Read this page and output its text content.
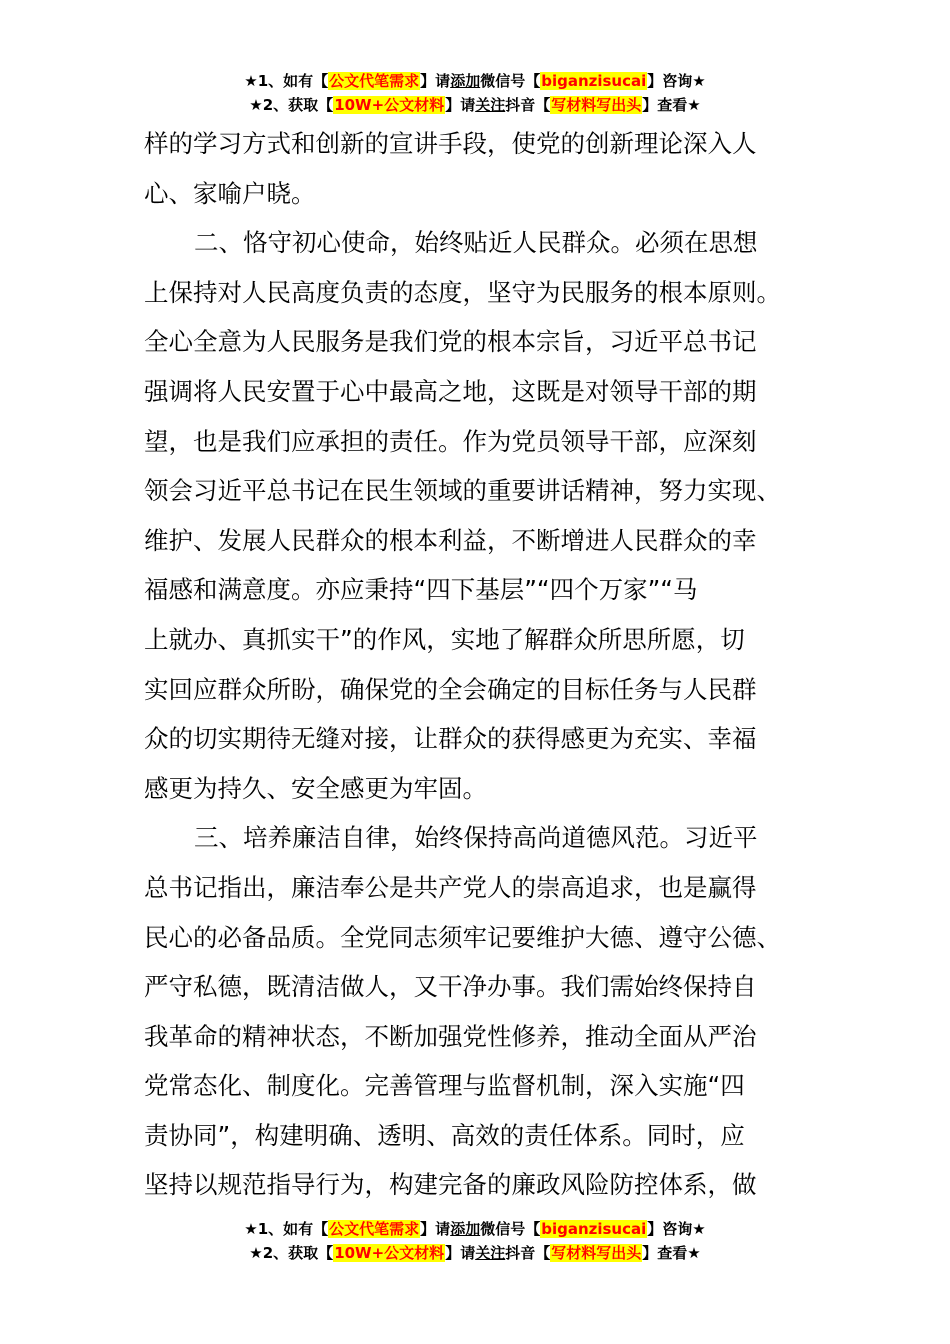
★1、如有【公文代笔需求】请添加微信号【biganzisucai】咨询★
★2、获取【10W+公文材料】请关注抖音【写材料写出头】查看★

样的学习方式和创新的宣讲手段，使党的创新理论深入人
心、家喻户晓。

二、恪守初心使命，始终贴近人民群众。必须在思想
上保持对人民高度负责的态度，坚守为民服务的根本原则。
全心全意为人民服务是我们党的根本宗旨，习近平总书记
强调将人民安置于心中最高之地，这既是对领导干部的期
望，也是我们应承担的责任。作为党员领导干部，应深刻
领会习近平总书记在民生领域的重要讲话精神，努力实现、
维护、发展人民群众的根本利益，不断增进人民群众的幸
福感和满意度。亦应秉持“四下基层”“四个万家”“马
上就办、真抓实干”的作风，实地了解群众所思所愿，切
实回应群众所盼，确保党的全会确定的目标任务与人民群
众的切实期待无缝对接，让群众的获得感更为充实、幸福
感更为持久、安全感更为牢固。

三、培养廉洁自律，始终保持高尚道德风范。习近平
总书记指出，廉洁奉公是共产党人的崇高追求，也是赢得
民心的必备品质。全党同志须牢记要维护大德、遵守公德、
严守私德，既清洁做人，又干净办事。我们需始终保持自
我革命的精神状态，不断加强党性修养，推动全面从严治
党常态化、制度化。完善管理与监督机制，深入实施“四
责协同”，构建明确、透明、高效的责任体系。同时，应
坚持以规范指导行为，构建完备的廉政风险防控体系，做

★1、如有【公文代笔需求】请添加微信号【biganzisucai】咨询★
★2、获取【10W+公文材料】请关注抖音【写材料写出头】查看★
